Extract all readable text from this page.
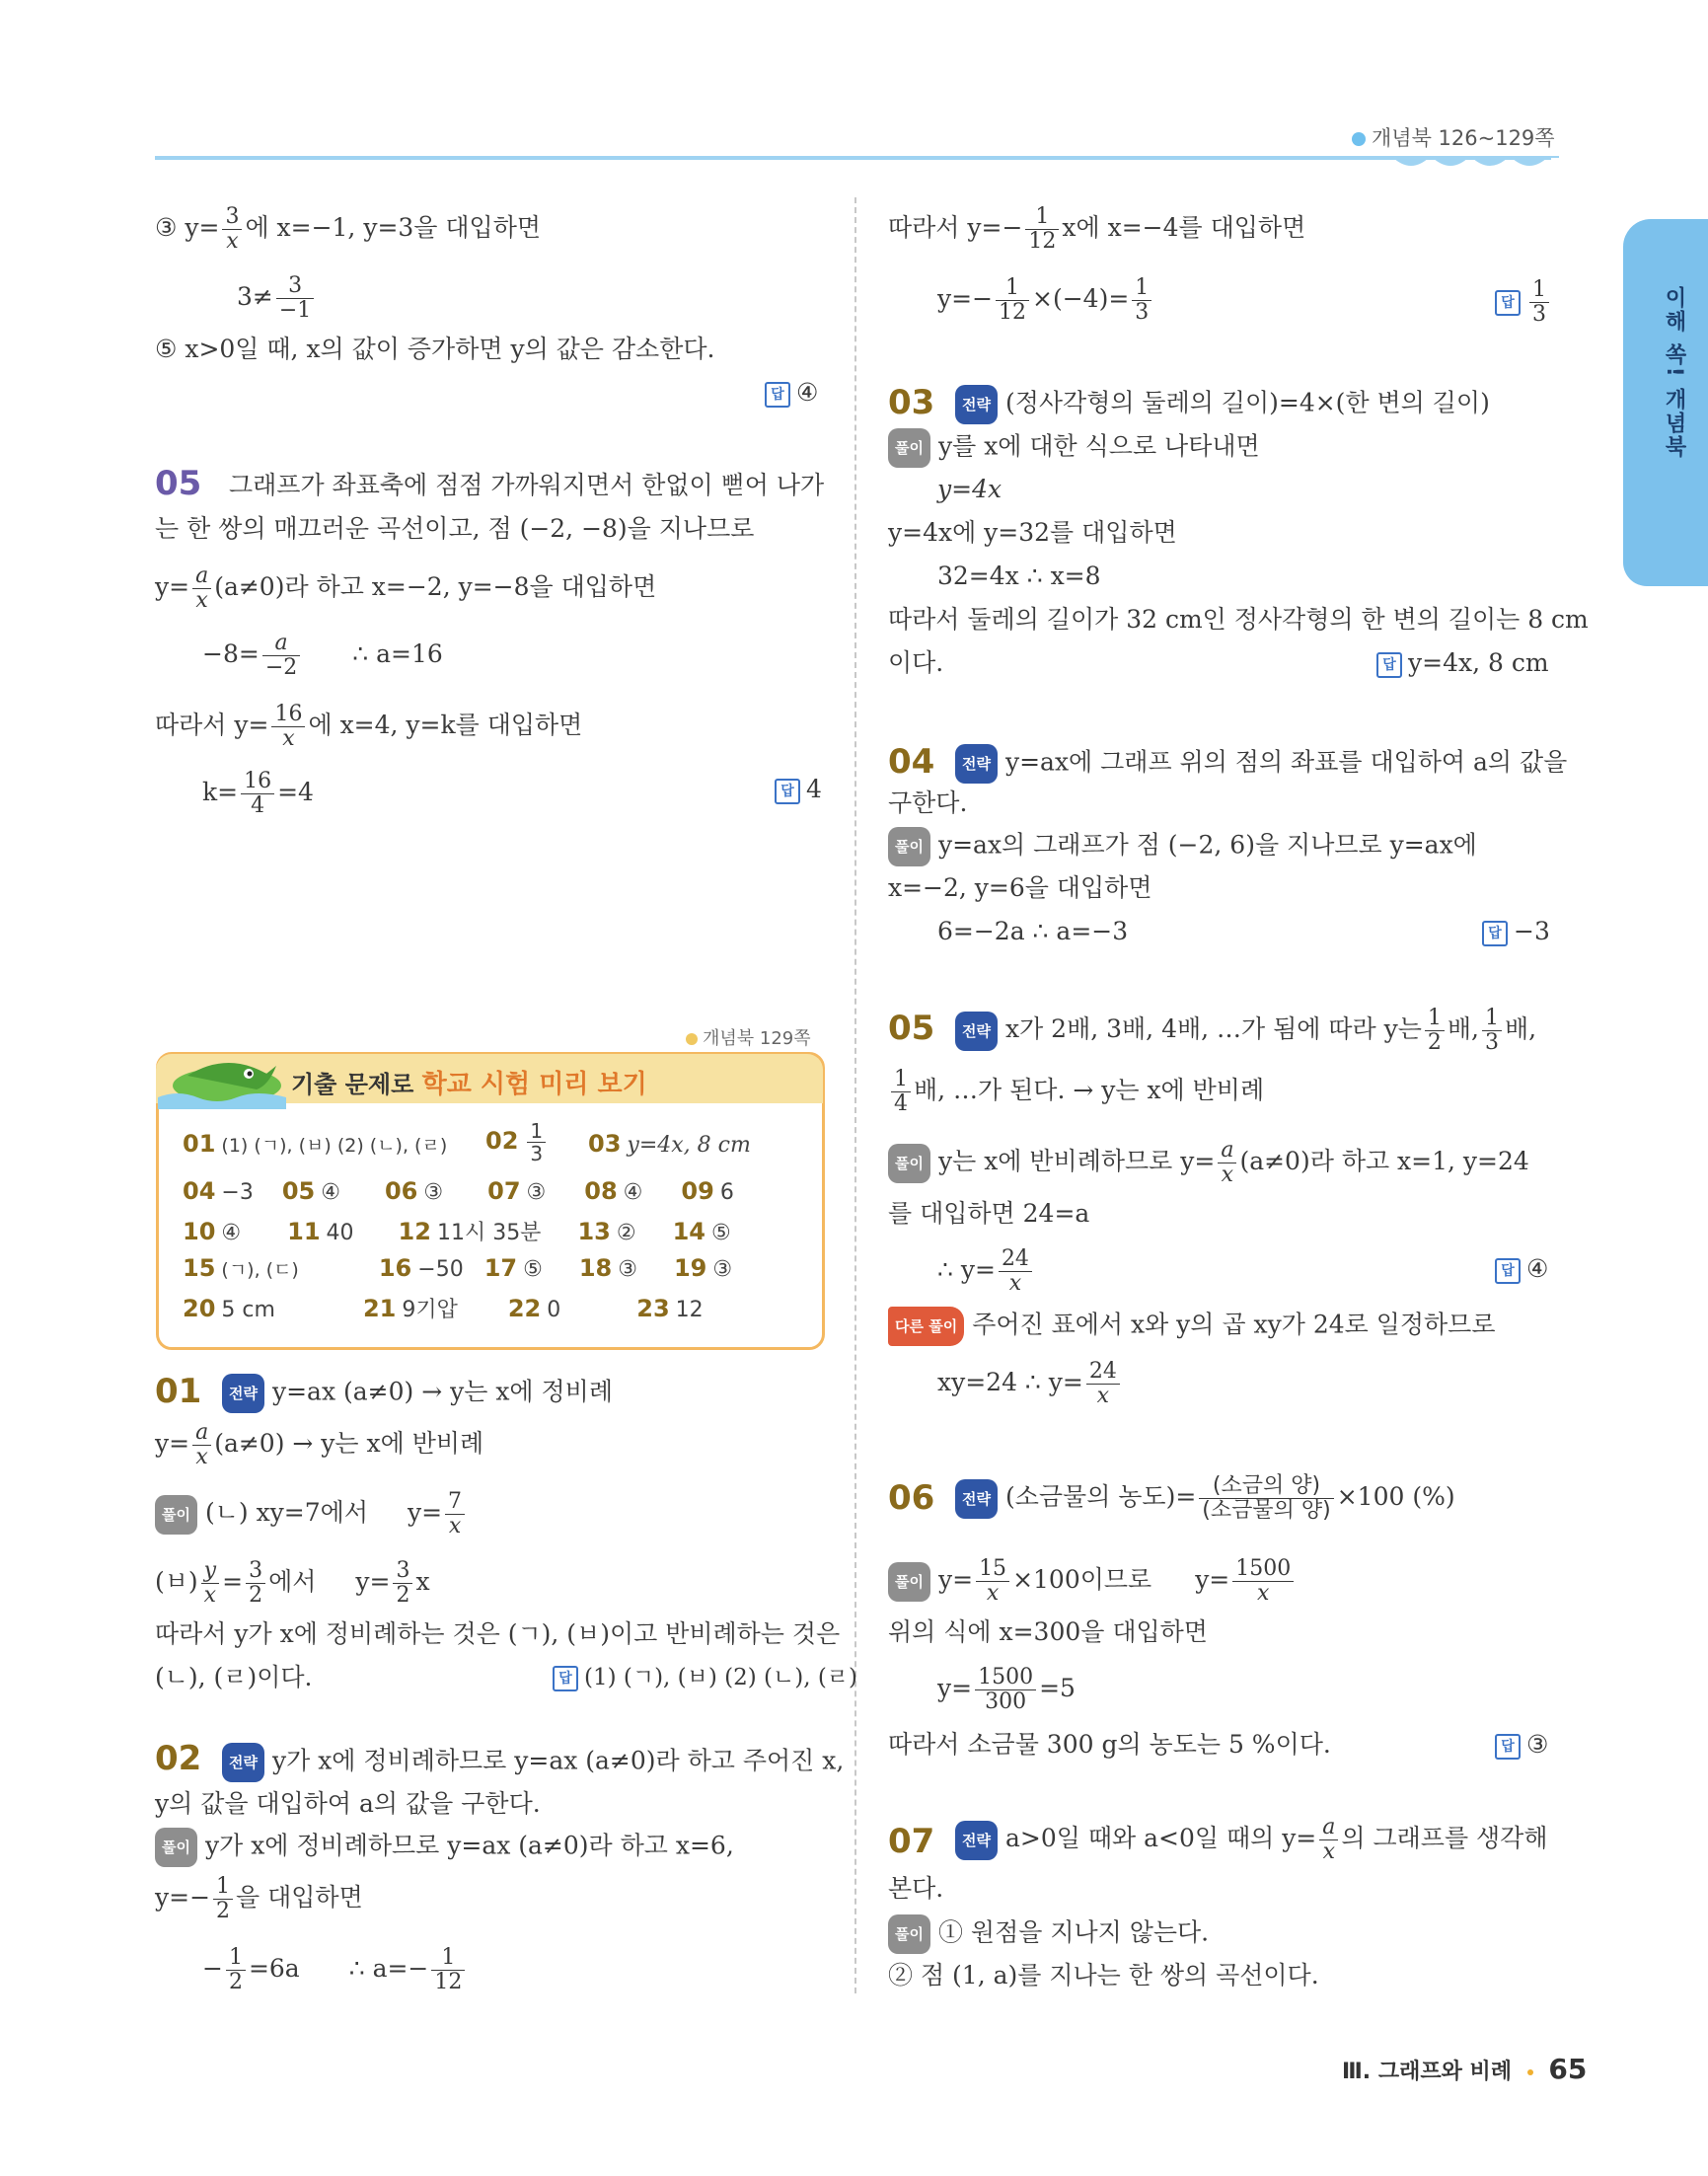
개념북 126~129쪽
이해 쏙! 개념북
③ $y= \frac{3}{x}$ 에 x=−1, y=3을 대입하면
$3\ne \frac{3}{-1}$
⑤ x>0일 때, x의 값이 증가하면 y의 값은 감소한다.
답 ④
05 그래프가 좌표축에 점점 가까워지면서 한없이 뻗어 나가
는 한 쌍의 매끄러운 곡선이고, 점 (−2, −8)을 지나므로
$y= \frac{a}{x} (a\ne 0)$라 하고 x=−2, y=−8을 대입하면
$-8= \frac{a}{-2}$ ∴ a=16
따라서 $y= \frac{16}{x}$ 에 x=4, y=k를 대입하면
$k= \frac{16}{4} =4$	답 4
개념북 129쪽
기출 문제로 학교 시험 미리 보기
01 (1) (ㄱ), (ㅂ) (2) (ㄴ), (ㄹ) $02 \frac{1}{3} 03$ y=4x, 8 cm
04 −3 05 ④ 06 ③ 07 ③ 08 ④ 09 6
10 ④ 11 40 12 11시 35분 13 ② 14 ⑤
15 (ㄱ), (ㄷ)	16 −50 17 ⑤ 18 ③ 19 ③
20 5 cm	21 9기압 22 0	23 12
01	전략 y=ax (a≠0) → y는 x에 정비례
$y= \frac{a}{x} (a\ne 0) \to y$는 x에 반비례
풀이 (ㄴ) xy=7에서 $y= \frac{7}{x}$
(ㅂ) $\frac{y}{x} = \frac{3}{2}$ 에서 $y= \frac{3}{2}$ x
따라서 y가 x에 정비례하는 것은 (ㄱ), (ㅂ)이고 반비례하는 것은
(ㄴ), (ㄹ)이다.	답 (1) (ㄱ), (ㅂ) (2) (ㄴ), (ㄹ)
02	전략 y가 x에 정비례하므로 y=ax (a≠0)라 하고 주어진 x,
y의 값을 대입하여 a의 값을 구한다.
풀이 y가 x에 정비례하므로 y=ax (a≠0)라 하고 x=6,
$y=- \frac{1}{2}$ 을 대입하면
− $\frac{1}{2} =6a$ ∴ $a=- \frac{1}{12}$
따라서 $y=- \frac{1}{12}$ x에 x=−4를 대입하면
$y=- \frac{1}{12} \times(-4)= \frac{1}{3}$	답 $\frac{1}{3}$
03	전략 (정사각형의 둘레의 길이)=4×(한 변의 길이)
풀이 y를 x에 대한 식으로 나타내면
y=4x
y=4x에 y=32를 대입하면
32=4x ∴ x=8
따라서 둘레의 길이가 32 cm인 정사각형의 한 변의 길이는 8 cm
이다.	답 y=4x, 8 cm
04	전략 y=ax에 그래프 위의 점의 좌표를 대입하여 a의 값을
구한다.
풀이 y=ax의 그래프가 점 (−2, 6)을 지나므로 y=ax에
x=−2, y=6을 대입하면
6=−2a ∴ a=−3	답 −3
05	전략 x가 2배, 3배, 4배, …가 됨에 따라 y는 $\frac{1}{2}$ 배, $\frac{1}{3}$ 배,
$\frac{1}{4}$ 배, …가 된다. → y는 x에 반비례
풀이 y는 x에 반비례하므로 $y= \frac{a}{x} (a\ne 0)$라 하고 x=1, y=24
를 대입하면 24=a
∴ $y= \frac{24}{x}$	답 ④
다른 풀이 주어진 표에서 x와 y의 곱 xy가 24로 일정하므로
xy=24 ∴ $y= \frac{24}{x}$
06	전략 (소금물의 농도)= $\frac{\text{(소금의 양)}}{\text{(소금물의 양)}} \times 100$ (%)
풀이 $y= \frac{15}{x} \times 100$이므로 $y= \frac{1500}{x}$
위의 식에 x=300을 대입하면
$y= \frac{1500}{300} =5$
따라서 소금물 300 g의 농도는 5 %이다.	답 ③
07	전략 a>0일 때와 a<0일 때의 $y= \frac{a}{x}$ 의 그래프를 생각해
본다.
풀이 ① 원점을 지나지 않는다.
② 점 (1, a)를 지나는 한 쌍의 곡선이다.
Ⅲ. 그래프와 비례 65
